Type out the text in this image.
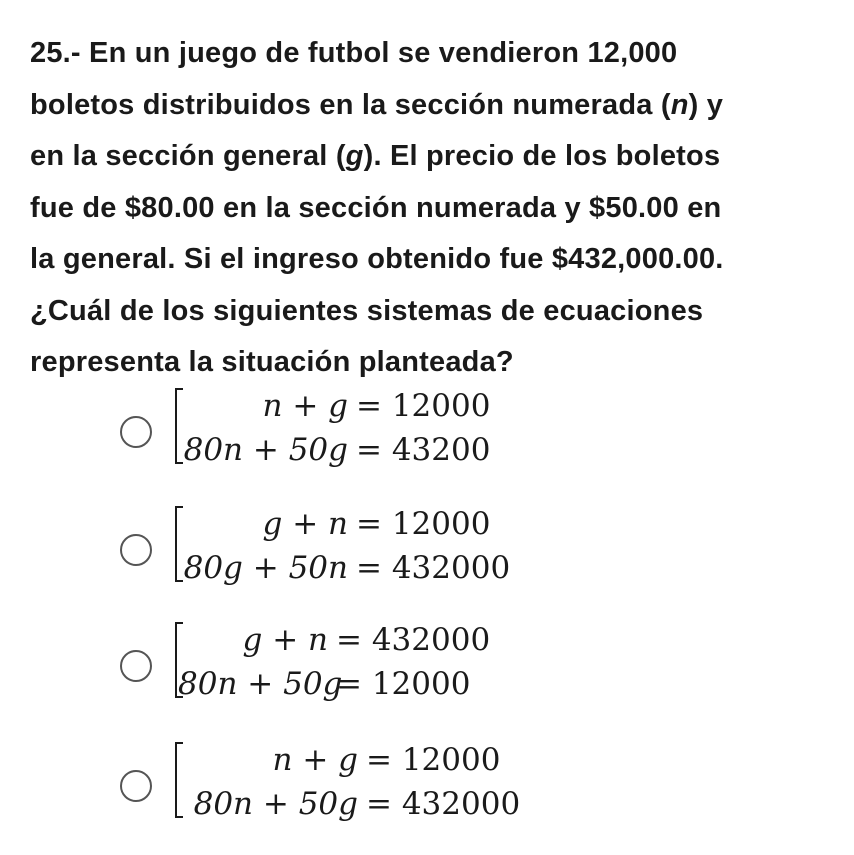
25.- En un juego de futbol se vendieron 12,000
boletos distribuidos en la sección numerada (n) y
en la sección general (g). El precio de los boletos
fue de $80.00 en la sección numerada y $50.00 en
la general. Si el ingreso obtenido fue $432,000.00.
¿Cuál de los siguientes sistemas de ecuaciones
representa la situación planteada?
n + g = 12000
80n + 50g = 43200
g + n = 12000
80g + 50n = 432000
g + n = 432000
80n + 50g
= 12000
n + g = 12000
80n + 50g = 432000
